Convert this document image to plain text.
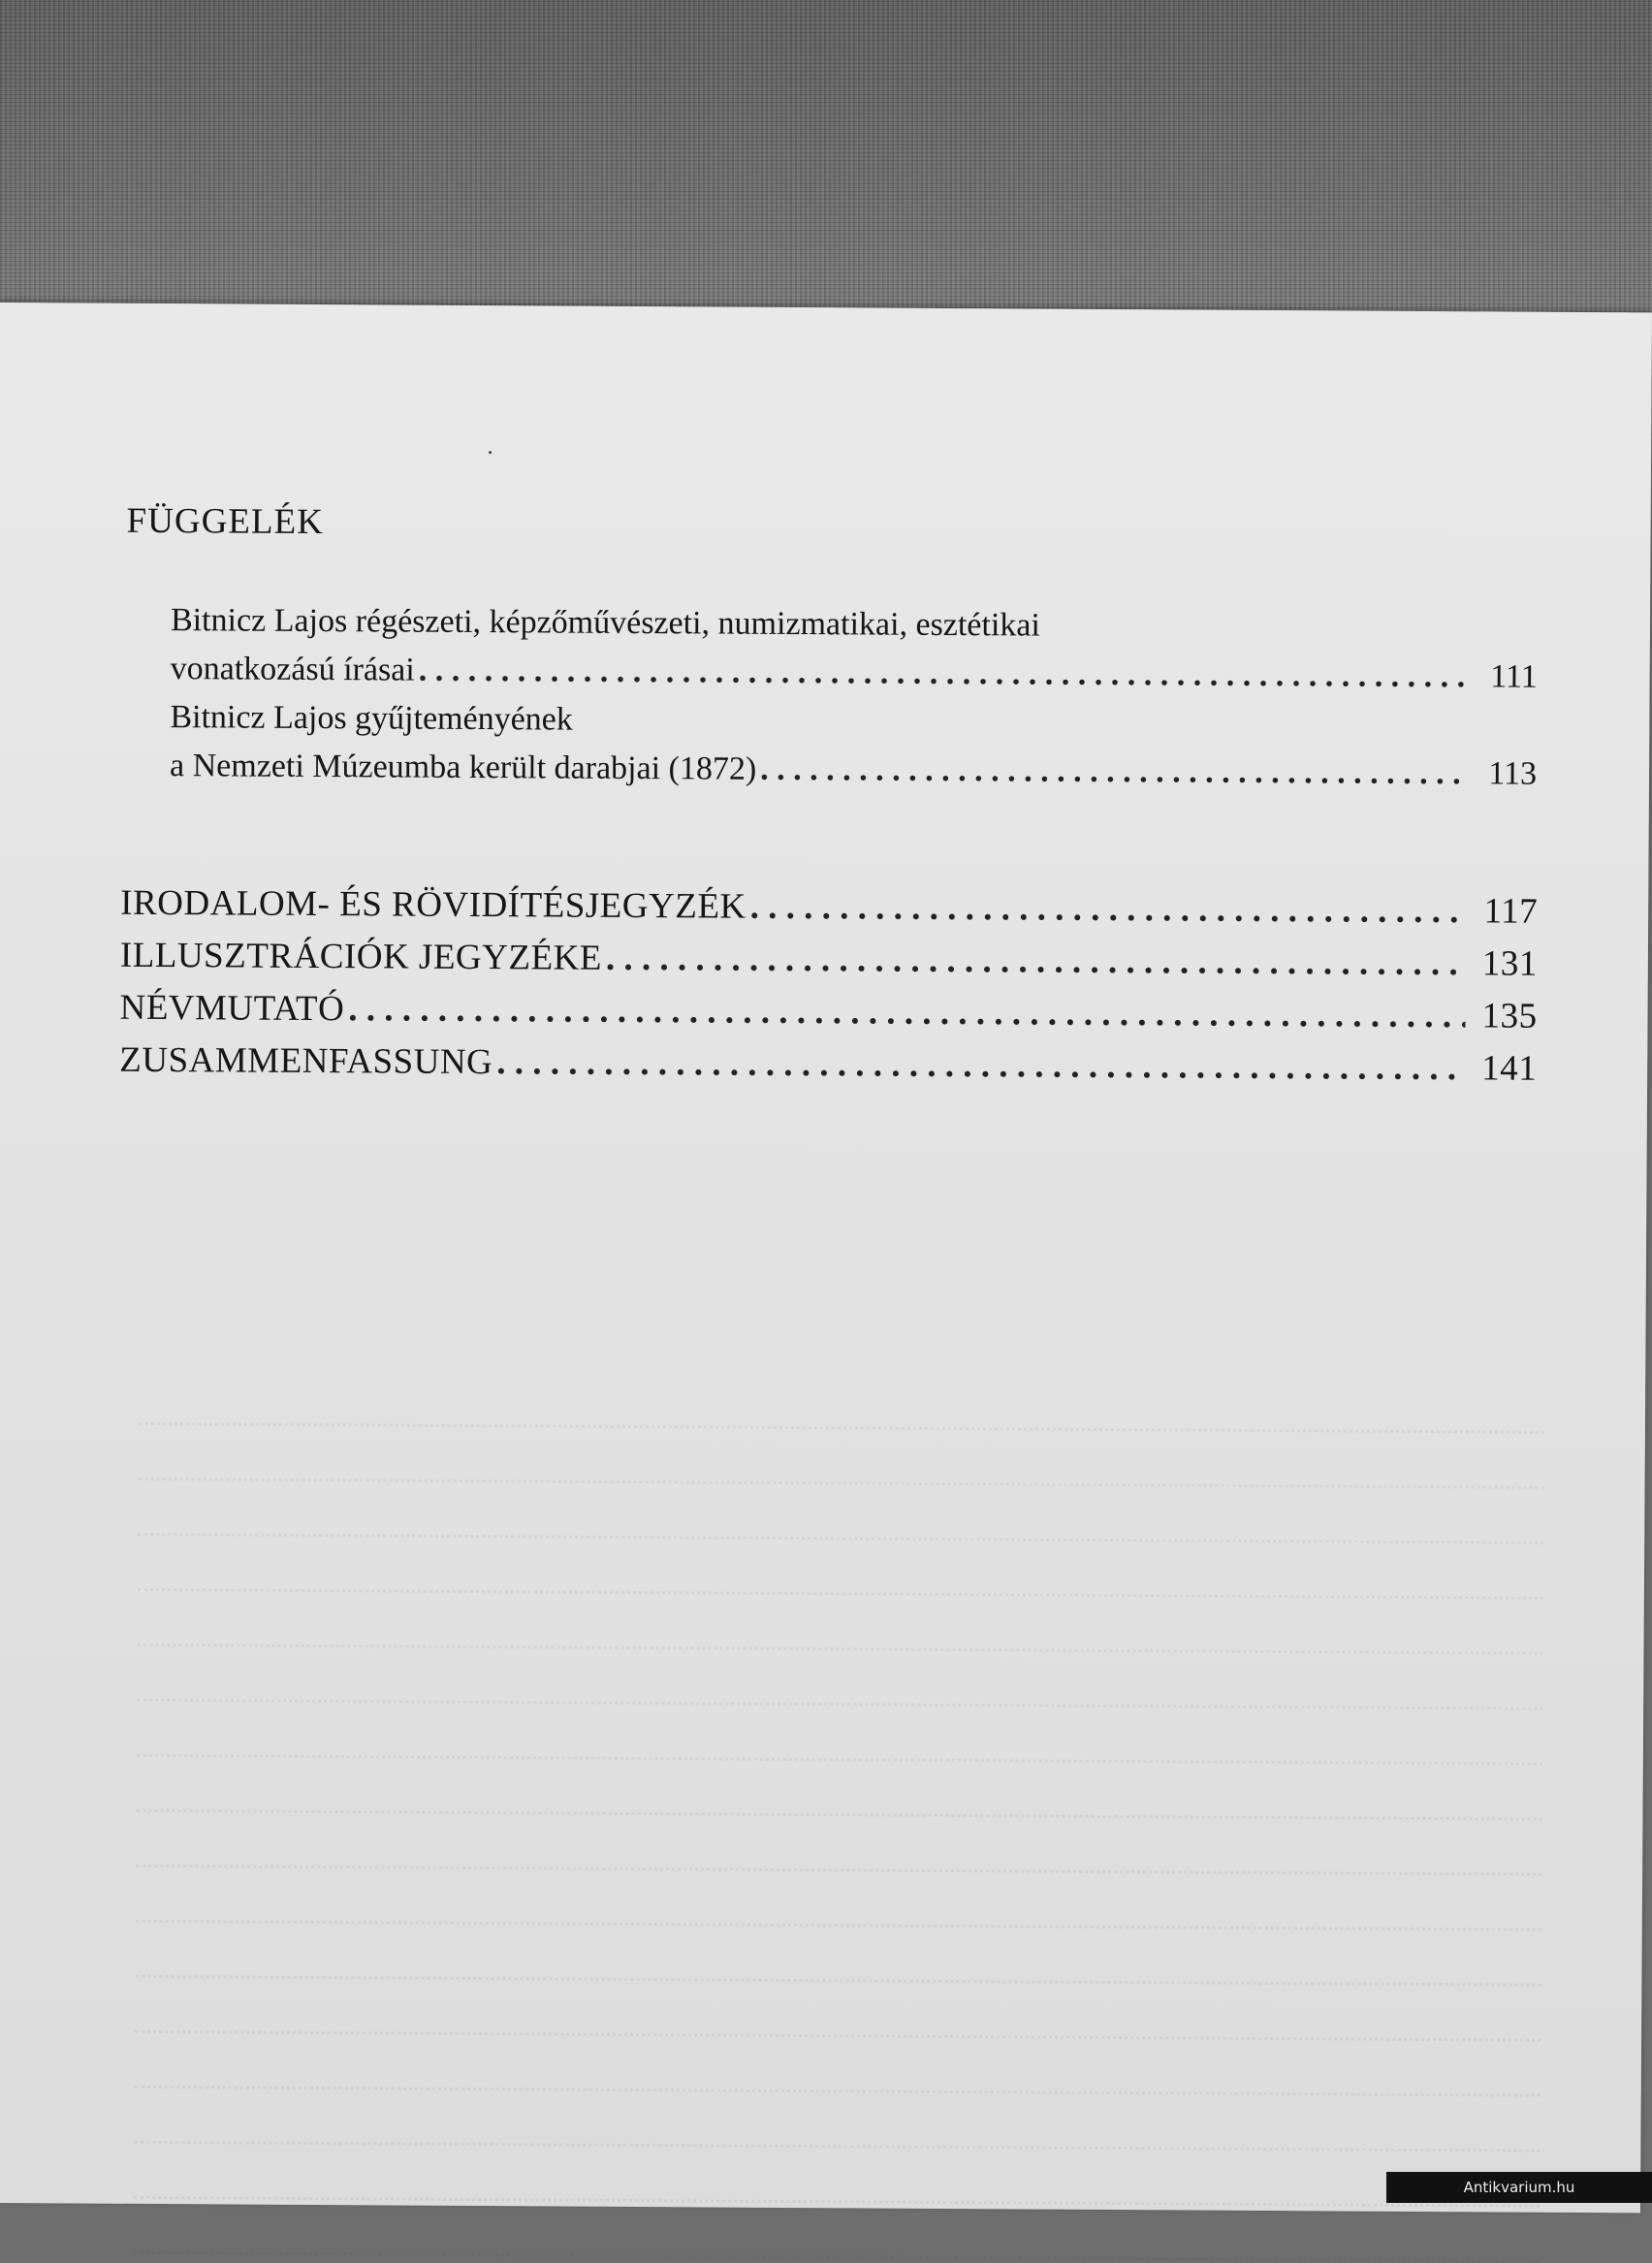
FÜGGELÉK
Bitnicz Lajos régészeti, képzőművészeti, numizmatikai, esztétikai
vonatkozású írásai . . .	111
Bitnicz Lajos gyűjteményének
a Nemzeti Múzeumba került darabjai (1872) . . .	113
IRODALOM- ÉS RÖVIDÍTÉSJEGYZÉK . . .	117
ILLUSZTRÁCIÓK JEGYZÉKE . . .	131
NÉVMUTATÓ . . .	135
ZUSAMMENFASSUNG . . .	141
Antikvarium.hu
